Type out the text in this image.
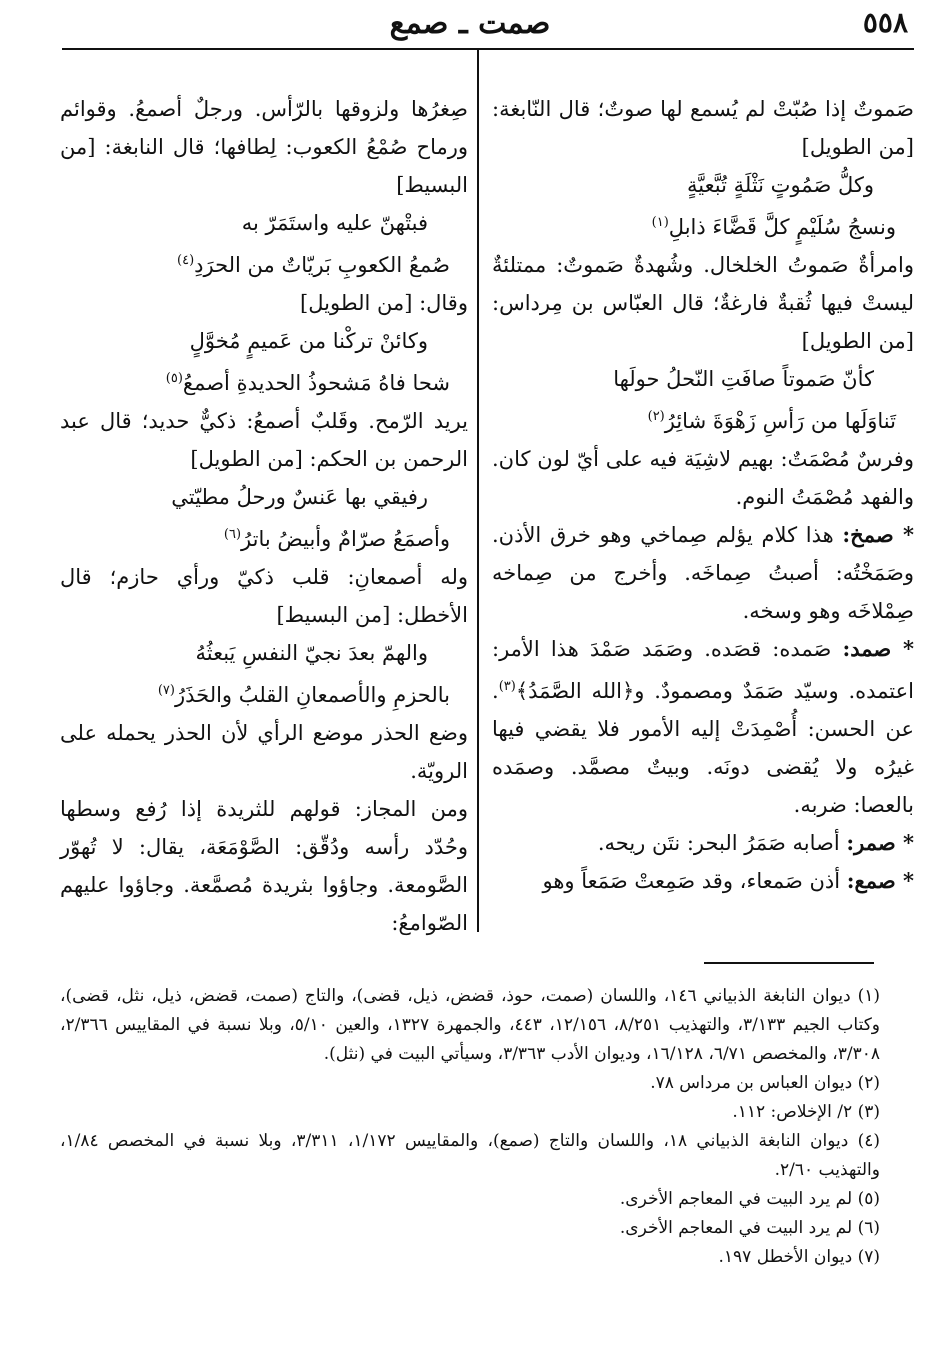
٥٥٨
صمت ـ صمع

صَموتٌ إذا صُبّتْ لم يُسمع لها صوتٌ؛ قال النّابغة: [من الطويل]

وكلُّ صَمُوتٍ نَثْلَةٍ تُبَّعيَّةٍ

ونسجُ سُلَيْمٍ كلَّ قَضَّاءَ ذابلِ$^{(١)}$

وامرأةٌ صَموتُ الخلخال. وشُهدةٌ صَموتٌ: ممتلئةٌ ليستْ فيها ثُقبةٌ فارغةٌ؛ قال العبّاس بن مِرداس: [من الطويل]

كأنّ صَموتاً صافَتِ النّحلُ حولَها

تَناوَلَها من رَأسِ زَهْوَةَ شائِرُ$^{(٢)}$

وفرسٌ مُصْمَتٌ: بهيم لاشِيَة فيه على أيّ لون كان. والفهد مُصْمَتُ النوم.

* صمخ: هذا كلام يؤلم صِماخي وهو خرق الأذن. وصَمَخْتُه: أصبتُ صِماخَه. وأخرج من صِماخه صِمْلاخَه وهو وسخه.

* صمد: صَمده: قصَده. وصَمَد صَمْدَ هذا الأمر: اعتمده. وسيّد صَمَدٌ ومصمودٌ. و﴿الله الصَّمَدُ﴾$^{(٣)}$. عن الحسن: أُصْمِدَتْ إليه الأمور فلا يقضي فيها غيرُه ولا يُقضى دونَه. وبيتٌ مصمَّد. وصمَده بالعصا: ضربه.

* صمر: أصابه صَمَرُ البحر: نتَن ريحه.

* صمع: أذن صَمعاء، وقد صَمِعتْ صَمَعاً وهو

صِغرُها ولزوقها بالرّأس. ورجلٌ أصمعُ. وقوائم ورماح صُمْعُ الكعوب: لِطافها؛ قال النابغة: [من البسيط]

فبتْهنّ عليه واستَمَرّ به

صُمعُ الكعوبِ بَريّاتٌ من الحرَدِ$^{(٤)}$

وقال: [من الطويل]

وكائنْ تركْنا من عَميمٍ مُخوَّلٍ

شحا فاهُ مَشحوذُ الحديدةِ أصمعُ$^{(٥)}$

يريد الرّمح. وقَلبٌ أصمعُ: ذكيٌّ حديد؛ قال عبد الرحمن بن الحكم: [من الطويل]

رفيقي بها عَنسٌ ورحلُ مطيّتي

وأصمَعُ صرّامٌ وأبيضُ باترُ$^{(٦)}$

وله أصمعانِ: قلب ذكيّ ورأي حازم؛ قال الأخطل: [من البسيط]

والهمّ بعدَ نجيّ النفسِ يَبعثُهُ

بالحزمِ والأصمعانِ القلبُ والحَذَرُ$^{(٧)}$

وضع الحذر موضع الرأي لأن الحذر يحمله على الرويّة.

ومن المجاز: قولهم للثريدة إذا رُفع وسطها وحُدّد رأسه ودُقّق: الصَّوْمَعَة، يقال: لا تُهوّر الصَّومعة. وجاؤوا بثريدة مُصمَّعة. وجاؤوا عليهم الصّوامعُ:

(١) ديوان النابغة الذبياني ١٤٦، واللسان (صمت، حوذ، قضض، ذيل، قضى)، والتاج (صمت، قضض، ذيل، نثل، قضى)، وكتاب الجيم ٣/١٣٣، والتهذيب ٨/٢٥١، ١٢/١٥٦، ٤٤٣، والجمهرة ١٣٢٧، والعين ٥/١٠، وبلا نسبة في المقاييس ٢/٣٦٦، ٣/٣٠٨، والمخصص ٦/٧١، ١٦/١٢٨، وديوان الأدب ٣/٣٦٣، وسيأتي البيت في (نثل).

(٢) ديوان العباس بن مرداس ٧٨.

(٣) ٢/ الإخلاص: ١١٢.

(٤) ديوان النابغة الذبياني ١٨، واللسان والتاج (صمع)، والمقاييس ١/١٧٢، ٣/٣١١، وبلا نسبة في المخصص ١/٨٤، والتهذيب ٢/٦٠.

(٥) لم يرد البيت في المعاجم الأخرى.

(٦) لم يرد البيت في المعاجم الأخرى.

(٧) ديوان الأخطل ١٩٧.
